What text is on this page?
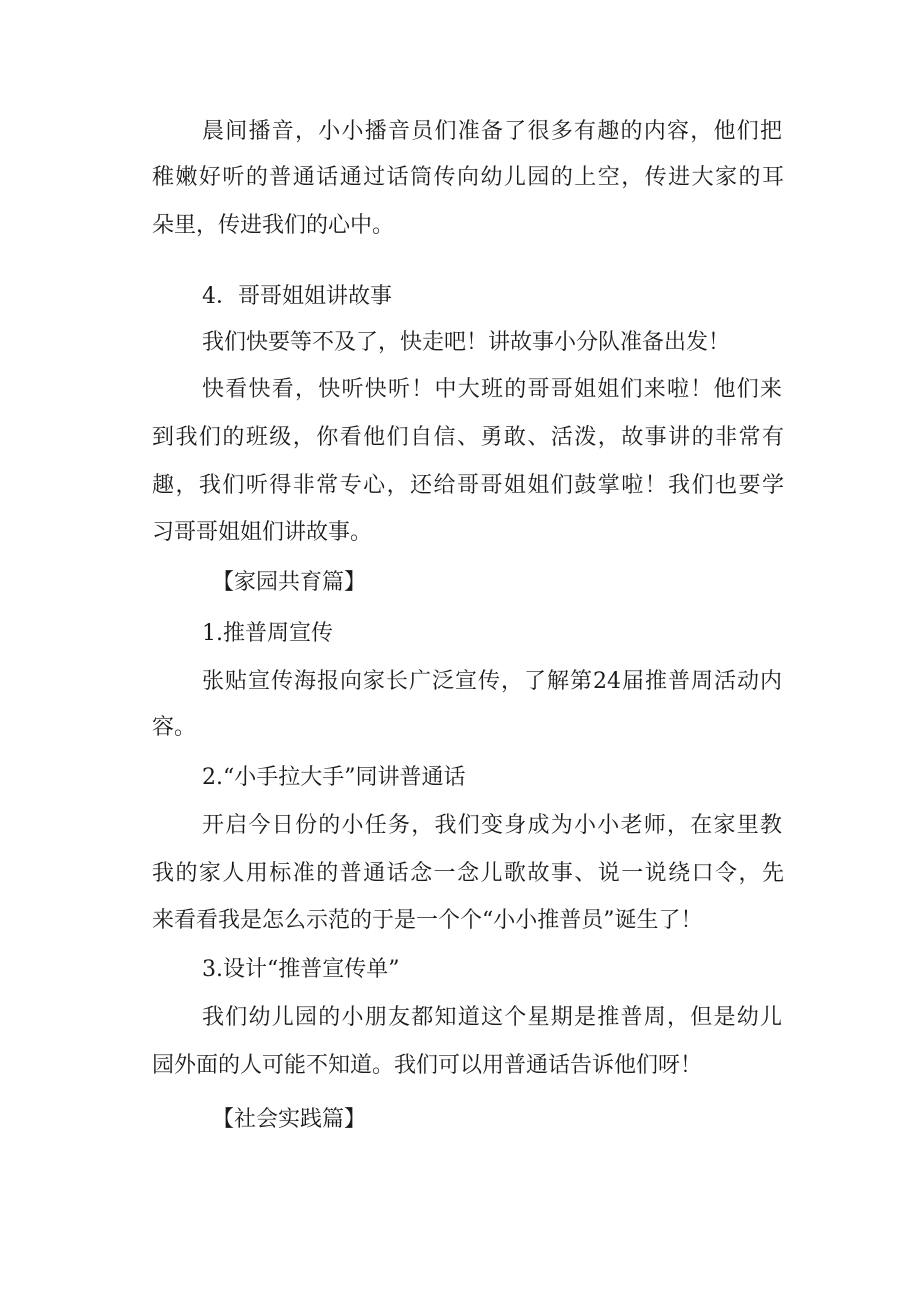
晨间播音，小小播音员们准备了很多有趣的内容，他们把

稚嫩好听的普通话通过话筒传向幼儿园的上空，传进大家的耳

朵里，传进我们的心中。

4．哥哥姐姐讲故事

我们快要等不及了，快走吧！讲故事小分队准备出发！

快看快看，快听快听！中大班的哥哥姐姐们来啦！他们来

到我们的班级，你看他们自信、勇敢、活泼，故事讲的非常有

趣，我们听得非常专心，还给哥哥姐姐们鼓掌啦！我们也要学

习哥哥姐姐们讲故事。

【家园共育篇】

1.推普周宣传

张贴宣传海报向家长广泛宣传，了解第24届推普周活动内

容。

2.“小手拉大手”同讲普通话

开启今日份的小任务，我们变身成为小小老师，在家里教

我的家人用标准的普通话念一念儿歌故事、说一说绕口令，先

来看看我是怎么示范的于是一个个“小小推普员”诞生了！

3.设计“推普宣传单”

我们幼儿园的小朋友都知道这个星期是推普周，但是幼儿

园外面的人可能不知道。我们可以用普通话告诉他们呀！

【社会实践篇】
